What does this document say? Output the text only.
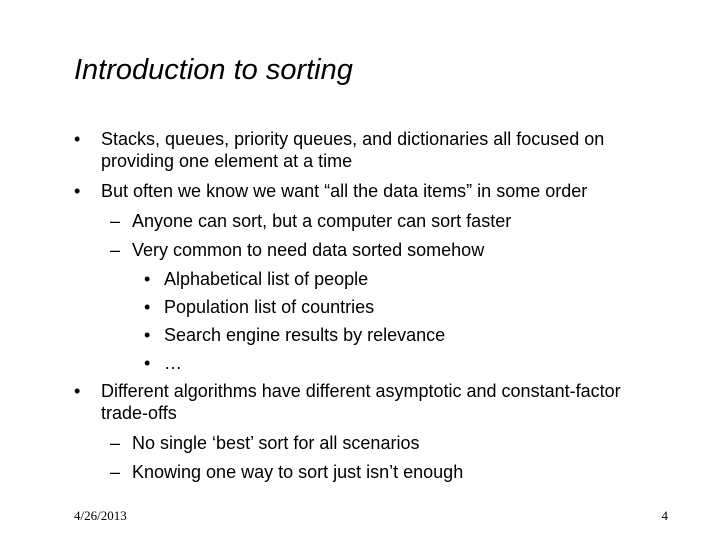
Introduction to sorting
• Stacks, queues, priority queues, and dictionaries all focused on providing one element at a time
• But often we know we want “all the data items” in some order
– Anyone can sort, but a computer can sort faster
– Very common to need data sorted somehow
• Alphabetical list of people
• Population list of countries
• Search engine results by relevance
• …
• Different algorithms have different asymptotic and constant-factor trade-offs
– No single ‘best’ sort for all scenarios
– Knowing one way to sort just isn’t enough
4/26/2013	4
